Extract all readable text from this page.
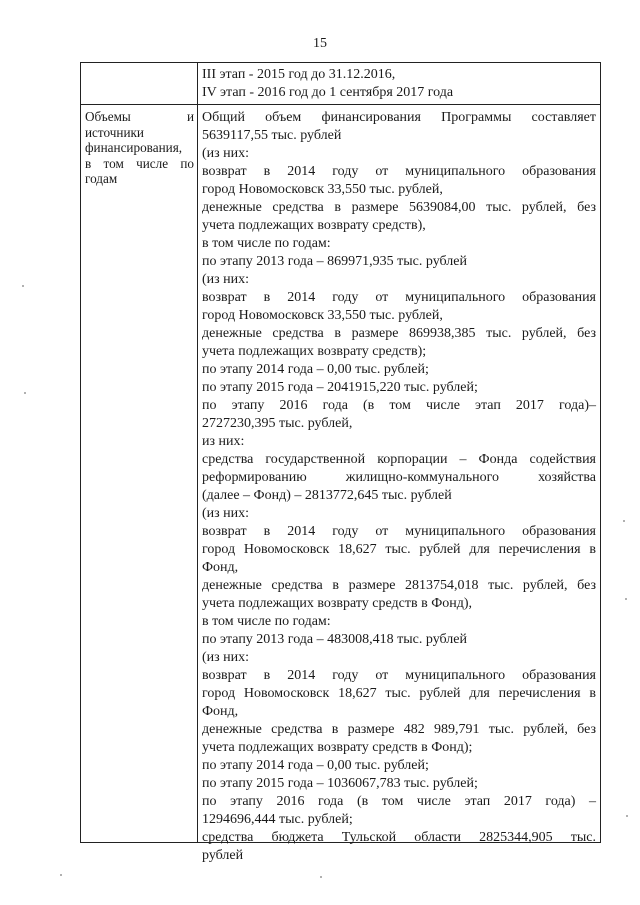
15
III этап - 2015 год до 31.12.2016,
IV этап - 2016 год до 1 сентября 2017 года
Объемы и
источники
финансирования,
в том числе по
годам
Общий объем финансирования Программы составляет
5639117,55 тыс. рублей
(из них:
возврат в 2014 году от муниципального образования
город Новомосковск 33,550 тыс. рублей,
денежные средства в размере 5639084,00 тыс. рублей, без
учета подлежащих возврату средств),
в том числе по годам:
по этапу 2013 года – 869971,935 тыс. рублей
(из них:
возврат в 2014 году от муниципального образования
город Новомосковск 33,550 тыс. рублей,
денежные средства в размере 869938,385 тыс. рублей, без
учета подлежащих возврату средств);
по этапу 2014 года – 0,00 тыс. рублей;
по этапу 2015 года – 2041915,220 тыс. рублей;
по этапу 2016 года (в том числе этап 2017 года)–
2727230,395 тыс. рублей,
из них:
средства государственной корпорации – Фонда содействия
реформированию жилищно-коммунального хозяйства
(далее – Фонд) – 2813772,645 тыс. рублей
(из них:
возврат в 2014 году от муниципального образования
город Новомосковск 18,627 тыс. рублей для перечисления в
Фонд,
денежные средства в размере 2813754,018 тыс. рублей, без
учета подлежащих возврату средств в Фонд),
в том числе по годам:
по этапу 2013 года – 483008,418 тыс. рублей
(из них:
возврат в 2014 году от муниципального образования
город Новомосковск 18,627 тыс. рублей для перечисления в
Фонд,
денежные средства в размере 482 989,791 тыс. рублей, без
учета подлежащих возврату средств в Фонд);
по этапу 2014 года – 0,00 тыс. рублей;
по этапу 2015 года – 1036067,783 тыс. рублей;
по этапу 2016 года (в том числе этап 2017 года) –
1294696,444 тыс. рублей;
средства бюджета Тульской области 2825344,905 тыс.
рублей
